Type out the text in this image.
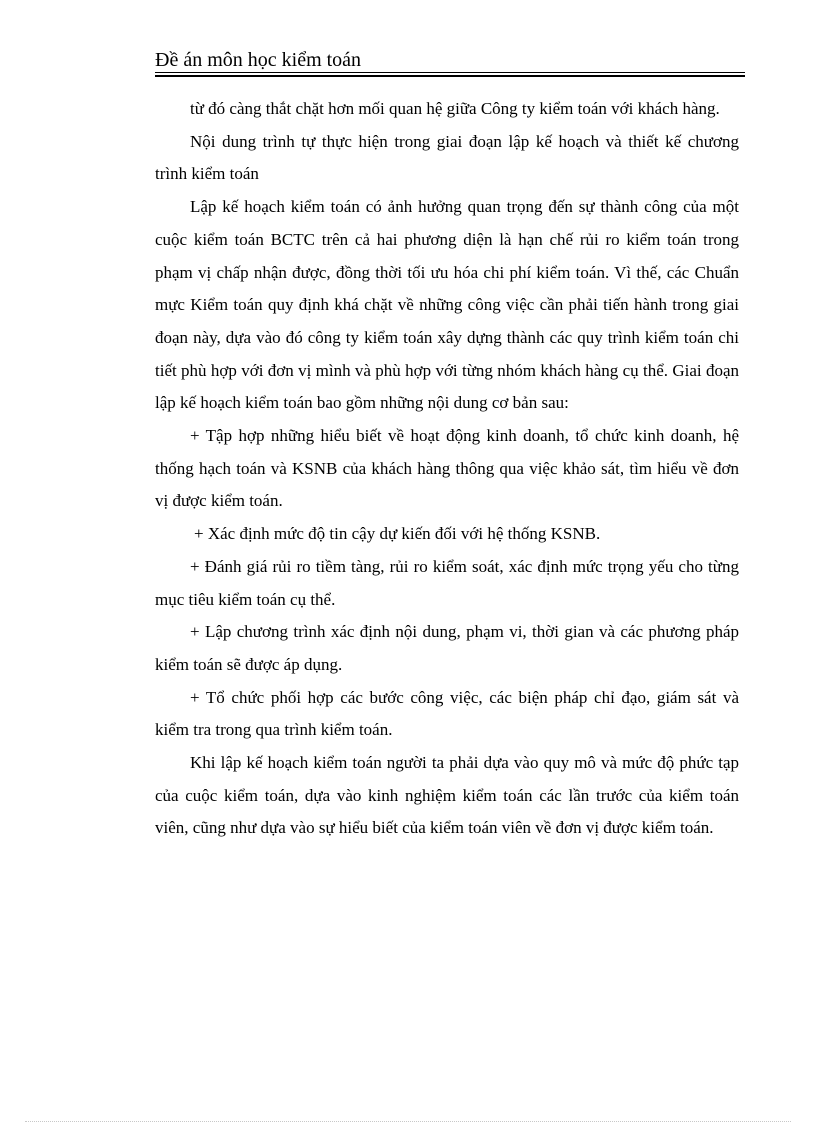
Đề án môn học kiểm toán

từ đó càng thắt chặt hơn mối quan hệ giữa Công ty kiểm toán với khách hàng.

Nội dung trình tự thực hiện trong giai đoạn lập kế hoạch và thiết kế chương trình kiểm toán

Lập kế hoạch kiểm toán có ảnh hưởng quan trọng đến sự thành công của một cuộc kiểm toán BCTC trên cả hai phương diện là hạn chế rủi ro kiểm toán trong phạm vị chấp nhận được, đồng thời tối ưu hóa chi phí kiểm toán. Vì thế, các Chuẩn mực Kiểm toán quy định khá chặt về những công việc cần phải tiến hành trong giai đoạn này, dựa vào đó công ty kiểm toán xây dựng thành các quy trình kiểm toán chi tiết phù hợp với đơn vị mình và phù hợp với từng nhóm khách hàng cụ thể. Giai đoạn lập kế hoạch kiểm toán bao gồm những nội dung cơ bản sau:

+ Tập hợp những hiểu biết về hoạt động kinh doanh, tổ chức kinh doanh, hệ thống hạch toán và KSNB của khách hàng thông qua việc khảo sát, tìm hiểu về đơn vị được kiểm toán.

+ Xác định mức độ tin cậy dự kiến đối với hệ thống KSNB.

+ Đánh giá rủi ro tiềm tàng, rủi ro kiểm soát, xác định mức trọng yếu cho từng mục tiêu kiểm toán cụ thể.

+ Lập chương trình xác định nội dung, phạm vi, thời gian và các phương pháp kiểm toán sẽ được áp dụng.

+ Tổ chức phối hợp các bước công việc, các biện pháp chỉ đạo, giám sát và kiểm tra trong qua trình kiểm toán.

Khi lập kế hoạch kiểm toán người ta phải dựa vào quy mô và mức độ phức tạp của cuộc kiểm toán, dựa vào kinh nghiệm kiểm toán các lần trước của kiểm toán viên, cũng như dựa vào sự hiểu biết của kiểm toán viên về đơn vị được kiểm toán.
